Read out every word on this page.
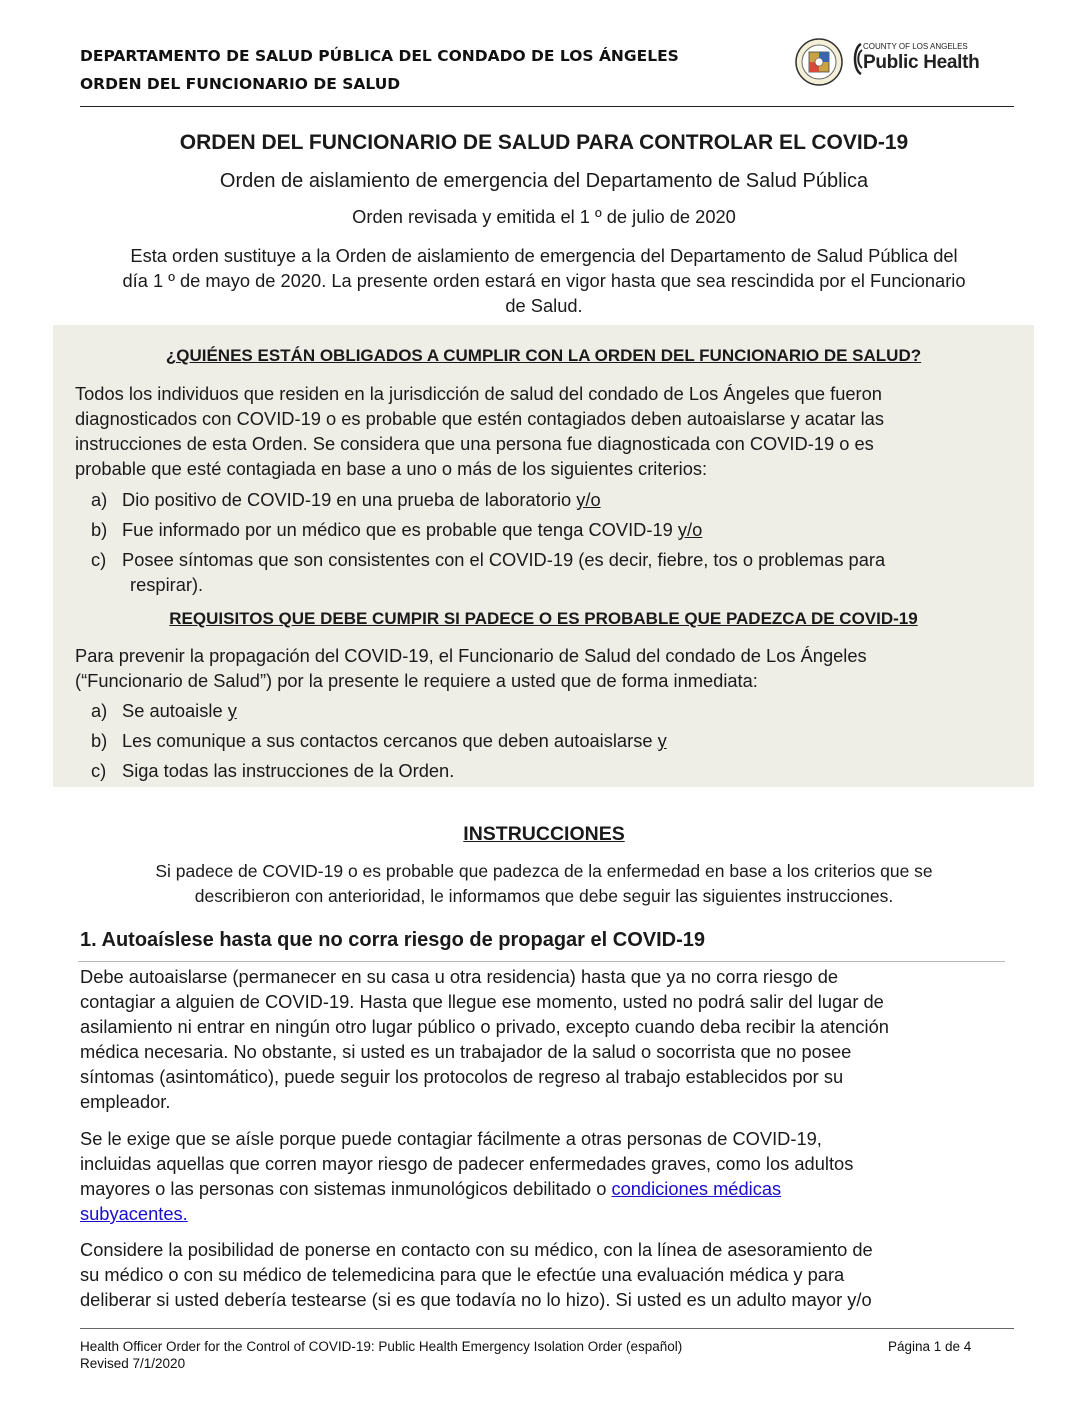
DEPARTAMENTO DE SALUD PÚBLICA DEL CONDADO DE LOS ÁNGELES
ORDEN DEL FUNCIONARIO DE SALUD
COUNTY OF LOS ANGELES
Public Health
ORDEN DEL FUNCIONARIO DE SALUD PARA CONTROLAR EL COVID-19
Orden de aislamiento de emergencia del Departamento de Salud Pública
Orden revisada y emitida el 1 º de julio de 2020
Esta orden sustituye a la Orden de aislamiento de emergencia del Departamento de Salud Pública del
día 1 º de mayo de 2020. La presente orden estará en vigor hasta que sea rescindida por el Funcionario
de Salud.
¿QUIÉNES ESTÁN OBLIGADOS A CUMPLIR CON LA ORDEN DEL FUNCIONARIO DE SALUD?
Todos los individuos que residen en la jurisdicción de salud del condado de Los Ángeles que fueron
diagnosticados con COVID-19 o es probable que estén contagiados deben autoaislarse y acatar las
instrucciones de esta Orden. Se considera que una persona fue diagnosticada con COVID-19 o es
probable que esté contagiada en base a uno o más de los siguientes criterios:
a) Dio positivo de COVID-19 en una prueba de laboratorio y/o
b) Fue informado por un médico que es probable que tenga COVID-19 y/o
c) Posee síntomas que son consistentes con el COVID-19 (es decir, fiebre, tos o problemas para
respirar).
REQUISITOS QUE DEBE CUMPIR SI PADECE O ES PROBABLE QUE PADEZCA DE COVID-19
Para prevenir la propagación del COVID-19, el Funcionario de Salud del condado de Los Ángeles
(“Funcionario de Salud”) por la presente le requiere a usted que de forma inmediata:
a) Se autoaisle y
b) Les comunique a sus contactos cercanos que deben autoaislarse y
c) Siga todas las instrucciones de la Orden.
INSTRUCCIONES
Si padece de COVID-19 o es probable que padezca de la enfermedad en base a los criterios que se
describieron con anterioridad, le informamos que debe seguir las siguientes instrucciones.
1. Autoaíslese hasta que no corra riesgo de propagar el COVID-19
Debe autoaislarse (permanecer en su casa u otra residencia) hasta que ya no corra riesgo de
contagiar a alguien de COVID-19. Hasta que llegue ese momento, usted no podrá salir del lugar de
asilamiento ni entrar en ningún otro lugar público o privado, excepto cuando deba recibir la atención
médica necesaria. No obstante, si usted es un trabajador de la salud o socorrista que no posee
síntomas (asintomático), puede seguir los protocolos de regreso al trabajo establecidos por su
empleador.
Se le exige que se aísle porque puede contagiar fácilmente a otras personas de COVID-19,
incluidas aquellas que corren mayor riesgo de padecer enfermedades graves, como los adultos
mayores o las personas con sistemas inmunológicos debilitado o condiciones médicas
subyacentes.
Considere la posibilidad de ponerse en contacto con su médico, con la línea de asesoramiento de
su médico o con su médico de telemedicina para que le efectúe una evaluación médica y para
deliberar si usted debería testearse (si es que todavía no lo hizo). Si usted es un adulto mayor y/o
Health Officer Order for the Control of COVID-19: Public Health Emergency Isolation Order (español)
Revised 7/1/2020
Página 1 de 4
